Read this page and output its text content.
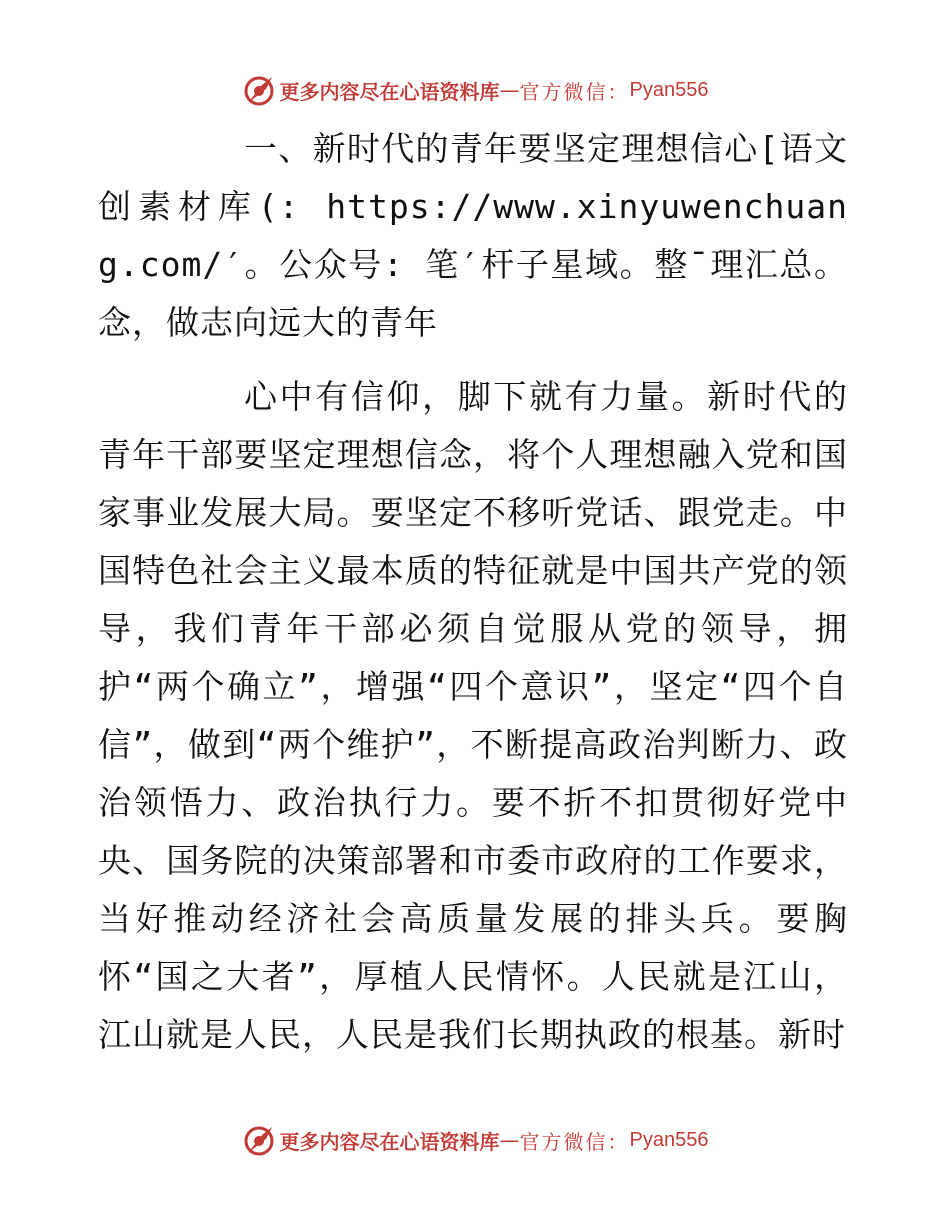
更多内容尽在心语资料库 — 官方微信： Pyan556

一、新时代的青年要坚定理想信心[语文创素材库(: https://www.xinyuwenchuang.com/′。公众号: 笔′杆子星域。整¯理汇总。念，做志向远大的青年

心中有信仰，脚下就有力量。新时代的青年干部要坚定理想信念，将个人理想融入党和国家事业发展大局。要坚定不移听党话、跟党走。中国特色社会主义最本质的特征就是中国共产党的领导，我们青年干部必须自觉服从党的领导，拥护“两个确立”，增强“四个意识”，坚定“四个自信”，做到“两个维护”，不断提高政治判断力、政治领悟力、政治执行力。要不折不扣贯彻好党中央、国务院的决策部署和市委市政府的工作要求，当好推动经济社会高质量发展的排头兵。要胸怀“国之大者”，厚植人民情怀。人民就是江山，江山就是人民，人民是我们长期执政的根基。新时

更多内容尽在心语资料库 — 官方微信： Pyan556
